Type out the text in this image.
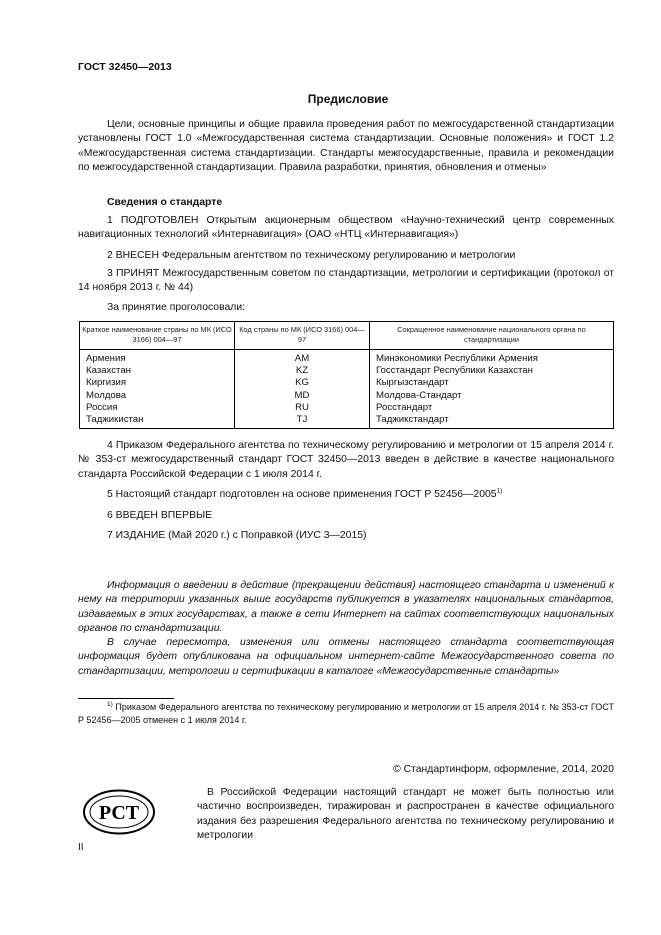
ГОСТ 32450—2013
Предисловие
Цели, основные принципы и общие правила проведения работ по межгосударственной стандартизации установлены ГОСТ 1.0 «Межгосударственная система стандартизации. Основные положения» и ГОСТ 1.2 «Межгосударственная система стандартизации. Стандарты межгосударственные, правила и рекомендации по межгосударственной стандартизации. Правила разработки, принятия, обновления и отмены»
Сведения о стандарте
1 ПОДГОТОВЛЕН Открытым акционерным обществом «Научно-технический центр современных навигационных технологий «Интернавигация» (ОАО «НТЦ «Интернавигация»)
2 ВНЕСЕН Федеральным агентством по техническому регулированию и метрологии
3 ПРИНЯТ Межгосударственным советом по стандартизации, метрологии и сертификации (протокол от 14 ноября 2013 г. № 44)
За принятие проголосовали:
Краткое наименование страны по МК (ИСО 3166) 004—97	Код страны по МК (ИСО 3166) 004—97	Сокращенное наименование национального органа по стандартизации
Армения	AM	Минэкономики Республики Армения
Казахстан	KZ	Госстандарт Республики Казахстан
Киргизия	KG	Кыргызстандарт
Молдова	MD	Молдова-Стандарт
Россия	RU	Росстандарт
Таджикистан	TJ	Таджикстандарт
4 Приказом Федерального агентства по техническому регулированию и метрологии от 15 апреля 2014 г. № 353-ст межгосударственный стандарт ГОСТ 32450—2013 введен в действие в качестве национального стандарта Российской Федерации с 1 июля 2014 г.
5 Настоящий стандарт подготовлен на основе применения ГОСТ Р 52456—2005$^{1)}$
6 ВВЕДЕН ВПЕРВЫЕ
7 ИЗДАНИЕ (Май 2020 г.) с Поправкой (ИУС 3—2015)
Информация о введении в действие (прекращении действия) настоящего стандарта и изменений к нему на территории указанных выше государств публикуется в указателях национальных стандартов, издаваемых в этих государствах, а также в сети Интернет на сайтах соответствующих национальных органов по стандартизации.
В случае пересмотра, изменения или отмены настоящего стандарта соответствующая информация будет опубликована на официальном интернет-сайте Межгосударственного совета по стандартизации, метрологии и сертификации в каталоге «Межгосударственные стандарты»
$^{1)}$ Приказом Федерального агентства по техническому регулированию и метрологии от 15 апреля 2014 г. № 353-ст ГОСТ Р 52456—2005 отменен с 1 июля 2014 г.
© Стандартинформ, оформление, 2014, 2020
РСТ
В Российской Федерации настоящий стандарт не может быть полностью или частично воспроизведен, тиражирован и распространен в качестве официального издания без разрешения Федерального агентства по техническому регулированию и метрологии
II
